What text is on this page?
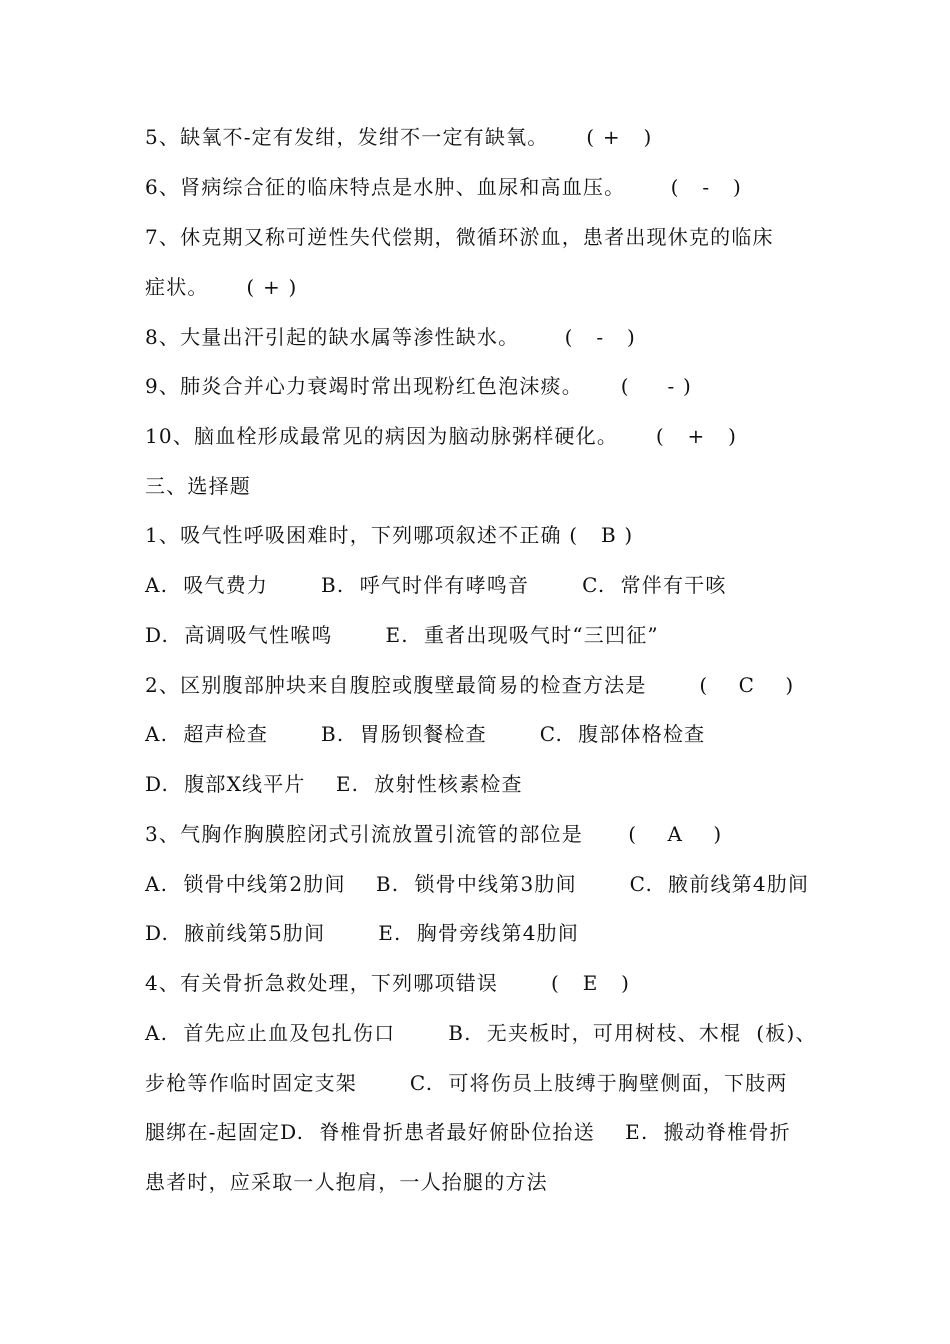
5、缺氧不-定有发绀，发绀不一定有缺氧。     ( +   )
6、肾病综合征的临床特点是水肿、血尿和高血压。      (   -   )
7、休克期又称可逆性失代偿期，微循环淤血，患者出现休克的临床
症状。     ( + )
8、大量出汗引起的缺水属等渗性缺水。      (   -   )
9、肺炎合并心力衰竭时常出现粉红色泡沫痰。     (     - )
10、脑血栓形成最常见的病因为脑动脉粥样硬化。     (   +   )
三、选择题
1、吸气性呼吸困难时，下列哪项叙述不正确 (   B )
A.  吸气费力       B.  呼气时伴有哮鸣音       C.  常伴有干咳
D.  高调吸气性喉鸣       E.  重者出现吸气时“三凹征”
2、区别腹部肿块来自腹腔或腹壁最简易的检查方法是       (    C    )
A.  超声检查       B.  胃肠钡餐检查       C.  腹部体格检查
D.  腹部X线平片    E.  放射性核素检查
3、气胸作胸膜腔闭式引流放置引流管的部位是      (    A    )
A.  锁骨中线第2肋间    B.  锁骨中线第3肋间       C.  腋前线第4肋间
D.  腋前线第5肋间       E.  胸骨旁线第4肋间
4、有关骨折急救处理，下列哪项错误       (   E   )
A.  首先应止血及包扎伤口       B.  无夹板时，可用树枝、木棍  (板)、
步枪等作临时固定支架       C.  可将伤员上肢缚于胸壁侧面，下肢两
腿绑在-起固定D.  脊椎骨折患者最好俯卧位抬送    E.  搬动脊椎骨折
患者时，应采取一人抱肩，一人抬腿的方法
